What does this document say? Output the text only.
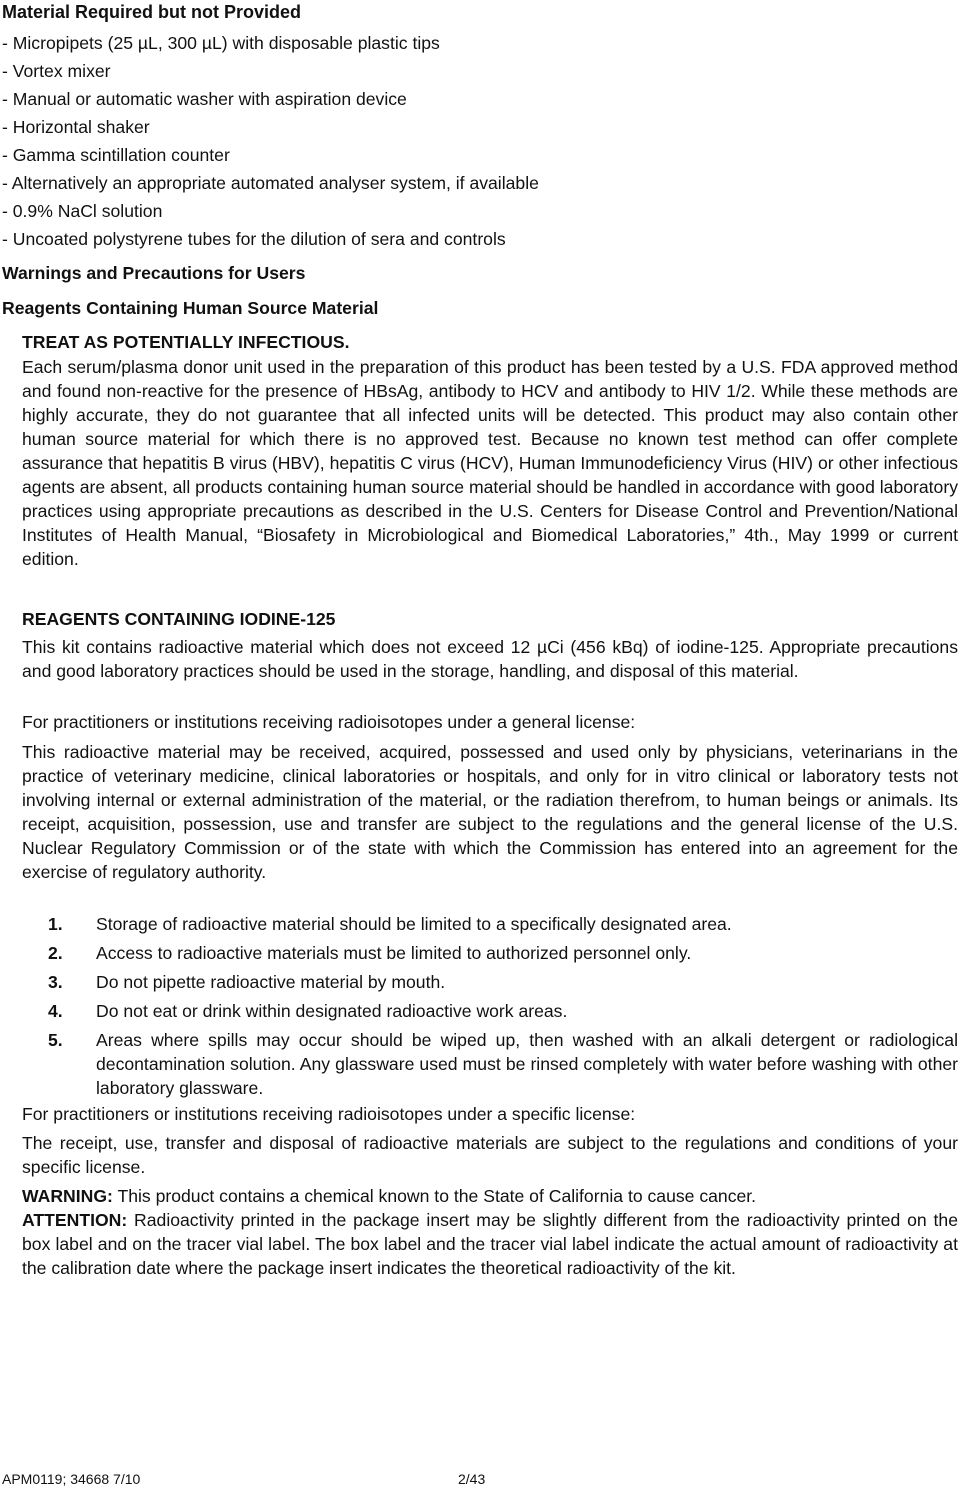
Material Required but not Provided
- Micropipets (25 µL, 300 µL) with disposable plastic tips
- Vortex mixer
- Manual or automatic washer with aspiration device
- Horizontal shaker
- Gamma scintillation counter
- Alternatively an appropriate automated analyser system, if available
- 0.9% NaCl solution
- Uncoated polystyrene tubes for the dilution of sera and controls
Warnings and Precautions for Users
Reagents Containing Human Source Material
TREAT AS POTENTIALLY INFECTIOUS.
Each serum/plasma donor unit used in the preparation of this product has been tested by a U.S. FDA approved method and found non-reactive for the presence of HBsAg, antibody to HCV and antibody to HIV 1/2. While these methods are highly accurate, they do not guarantee that all infected units will be detected. This product may also contain other human source material for which there is no approved test. Because no known test method can offer complete assurance that hepatitis B virus (HBV), hepatitis C virus (HCV), Human Immunodeficiency Virus (HIV) or other infectious agents are absent, all products containing human source material should be handled in accordance with good laboratory practices using appropriate precautions as described in the U.S. Centers for Disease Control and Prevention/National Institutes of Health Manual, “Biosafety in Microbiological and Biomedical Laboratories,” 4th., May 1999 or current edition.
REAGENTS CONTAINING IODINE-125
This kit contains radioactive material which does not exceed 12 µCi (456 kBq) of iodine-125. Appropriate precautions and good laboratory practices should be used in the storage, handling, and disposal of this material.
For practitioners or institutions receiving radioisotopes under a general license:
This radioactive material may be received, acquired, possessed and used only by physicians, veterinarians in the practice of veterinary medicine, clinical laboratories or hospitals, and only for in vitro clinical or laboratory tests not involving internal or external administration of the material, or the radiation therefrom, to human beings or animals. Its receipt, acquisition, possession, use and transfer are subject to the regulations and the general license of the U.S. Nuclear Regulatory Commission or of the state with which the Commission has entered into an agreement for the exercise of regulatory authority.
1. Storage of radioactive material should be limited to a specifically designated area.
2. Access to radioactive materials must be limited to authorized personnel only.
3. Do not pipette radioactive material by mouth.
4. Do not eat or drink within designated radioactive work areas.
5. Areas where spills may occur should be wiped up, then washed with an alkali detergent or radiological decontamination solution. Any glassware used must be rinsed completely with water before washing with other laboratory glassware.
For practitioners or institutions receiving radioisotopes under a specific license:
The receipt, use, transfer and disposal of radioactive materials are subject to the regulations and conditions of your specific license.
WARNING: This product contains a chemical known to the State of California to cause cancer.
ATTENTION: Radioactivity printed in the package insert may be slightly different from the radioactivity printed on the box label and on the tracer vial label. The box label and the tracer vial label indicate the actual amount of radioactivity at the calibration date where the package insert indicates the theoretical radioactivity of the kit.
APM0119; 34668 7/10	2/43
